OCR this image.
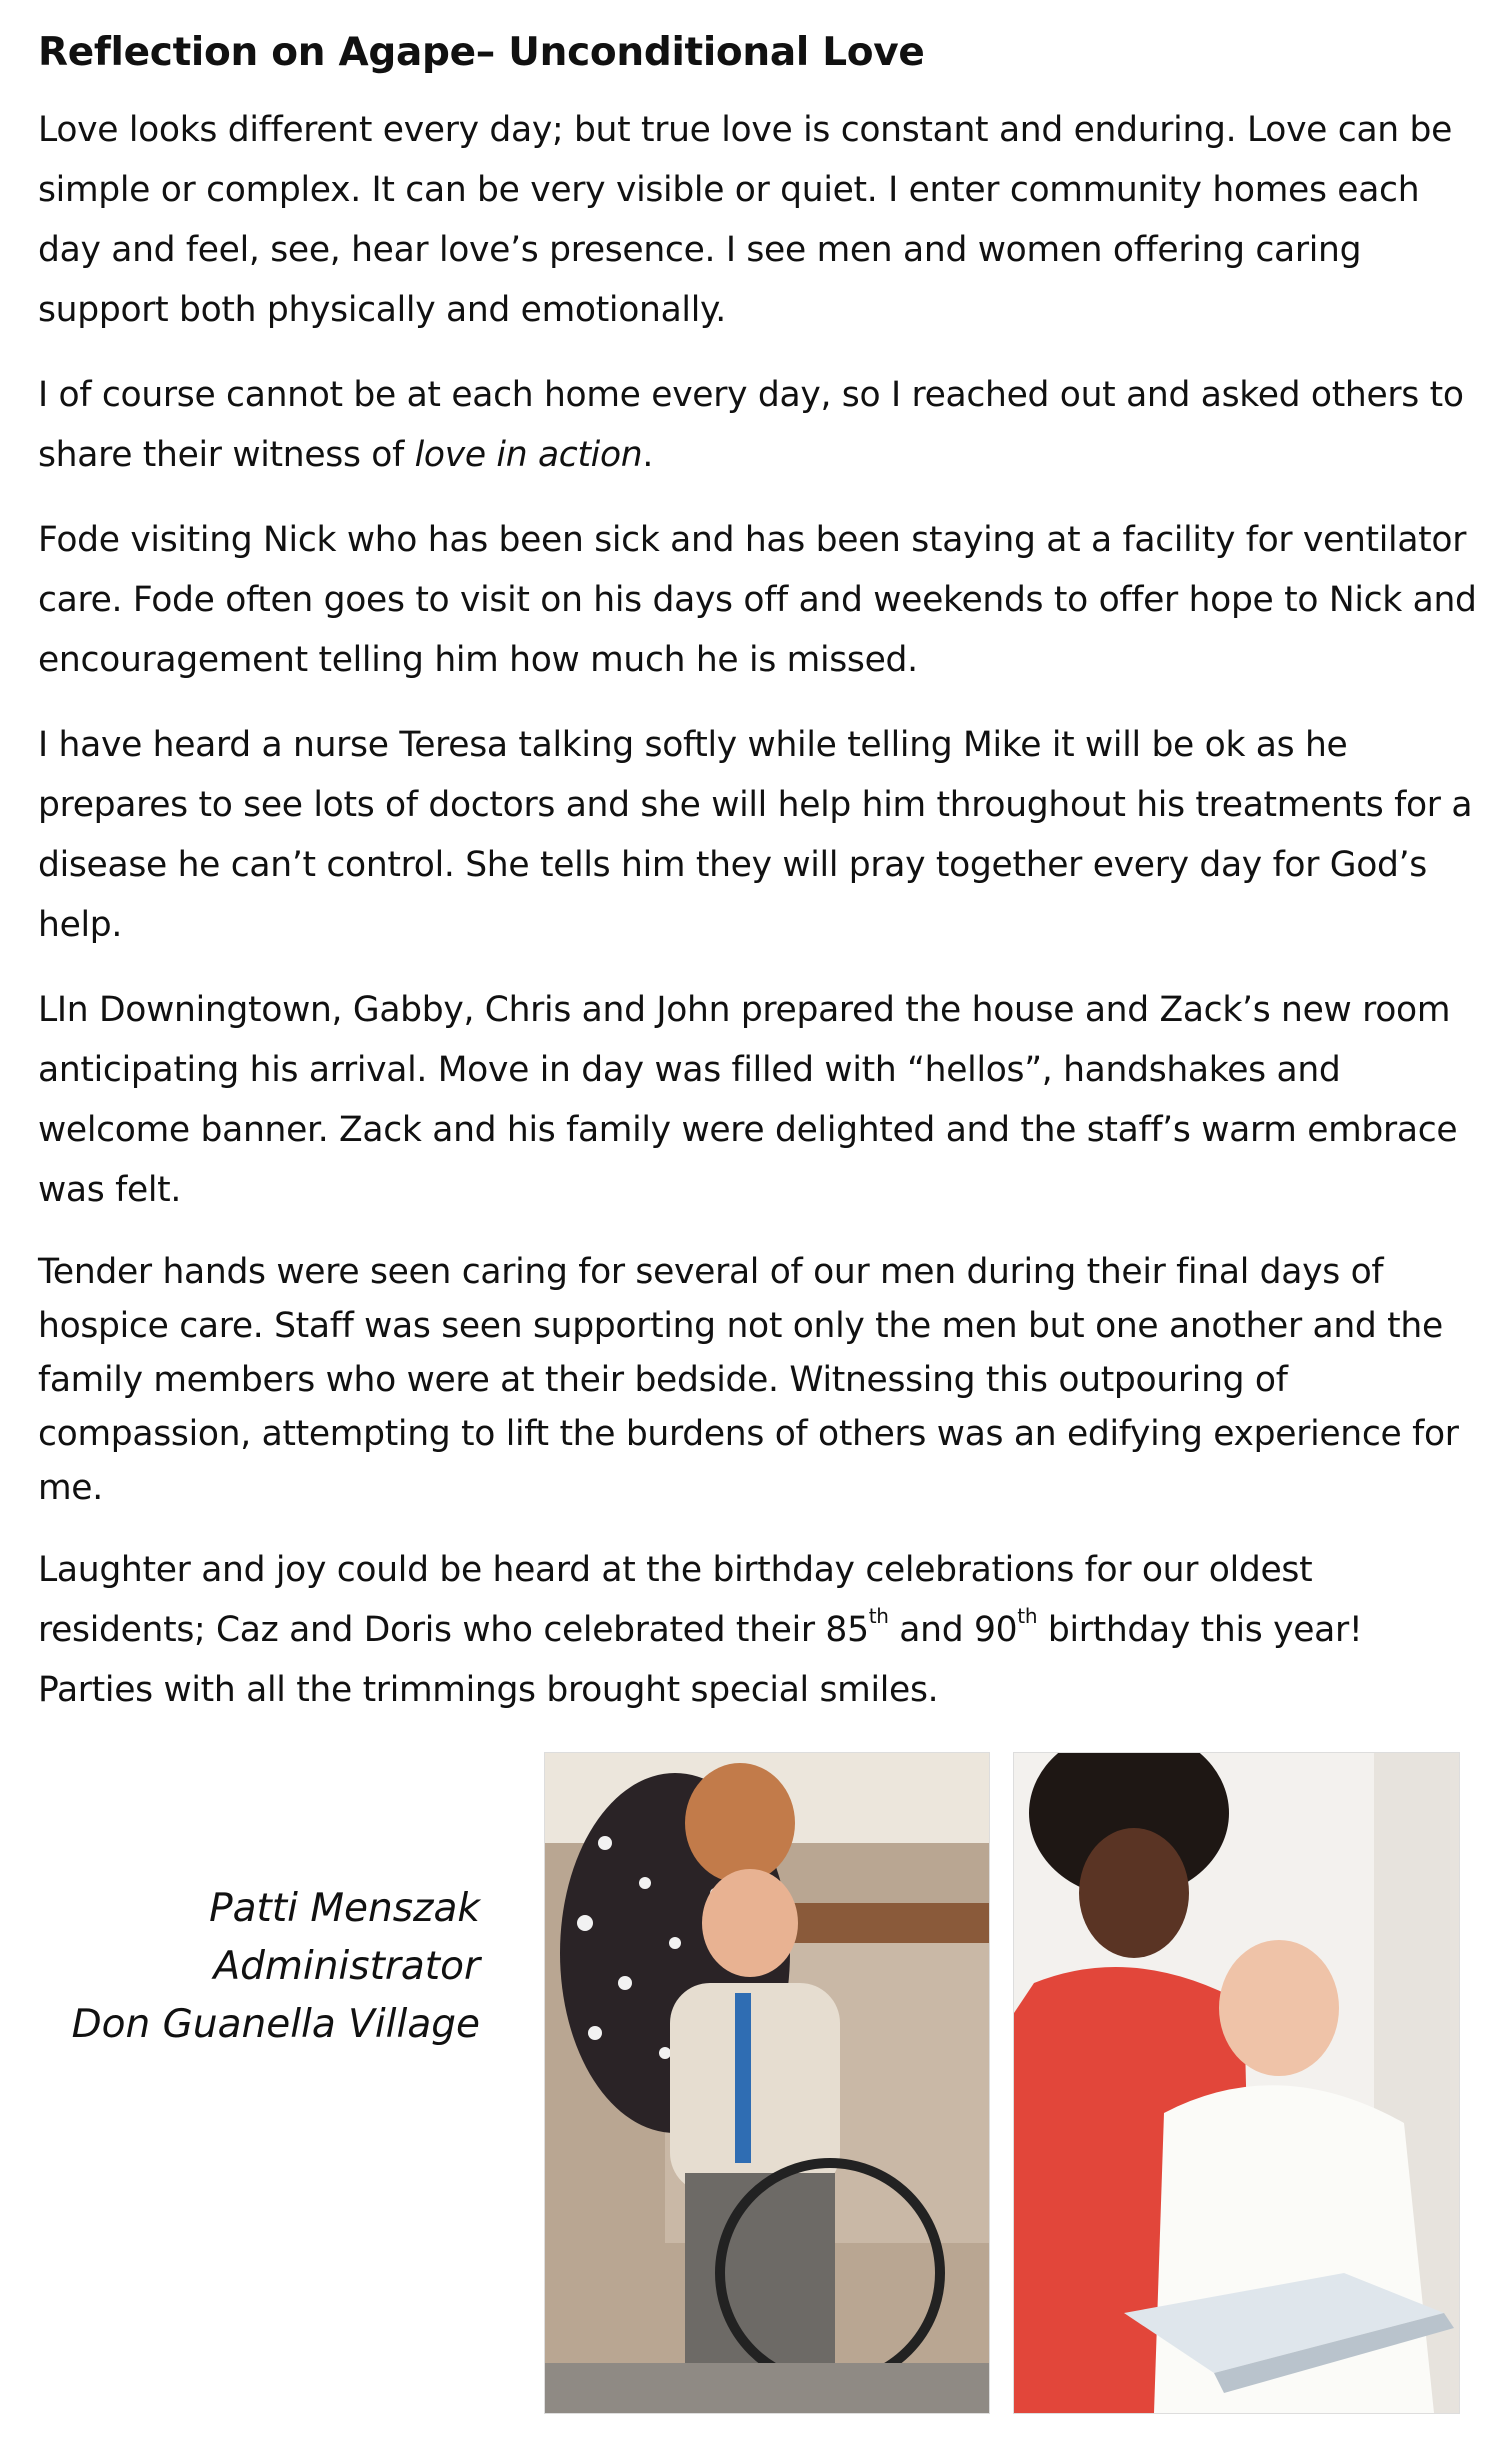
Reflection on Agape– Unconditional Love

Love looks different every day; but true love is constant and enduring. Love can be simple or complex. It can be very visible or quiet. I enter community homes each day and feel, see, hear love’s presence. I see men and women offering caring support both physically and emotionally.

I of course cannot be at each home every day, so I reached out and asked others to share their witness of love in action.

Fode visiting Nick who has been sick and has been staying at a facility for ventilator care. Fode often goes to visit on his days off and weekends to offer hope to Nick and encouragement telling him how much he is missed.

I have heard a nurse Teresa talking softly while telling Mike it will be ok as he prepares to see lots of doctors and she will help him throughout his treatments for a disease he can’t control. She tells him they will pray together every day for God’s help.

LIn Downingtown, Gabby, Chris and John prepared the house and Zack’s new room anticipating his arrival. Move in day was filled with “hellos”, handshakes and welcome banner. Zack and his family were delighted and the staff’s warm embrace was felt.

Tender hands were seen caring for several of our men during their final days of hospice care. Staff was seen supporting not only the men but one another and the family members who were at their bedside. Witnessing this outpouring of compassion, attempting to lift the burdens of others was an edifying experience for me.

Laughter and joy could be heard at the birthday celebrations for our oldest residents; Caz and Doris who celebrated their 85th and 90th birthday this year! Parties with all the trimmings brought special smiles.

Patti Menszak
Administrator
Don Guanella Village
